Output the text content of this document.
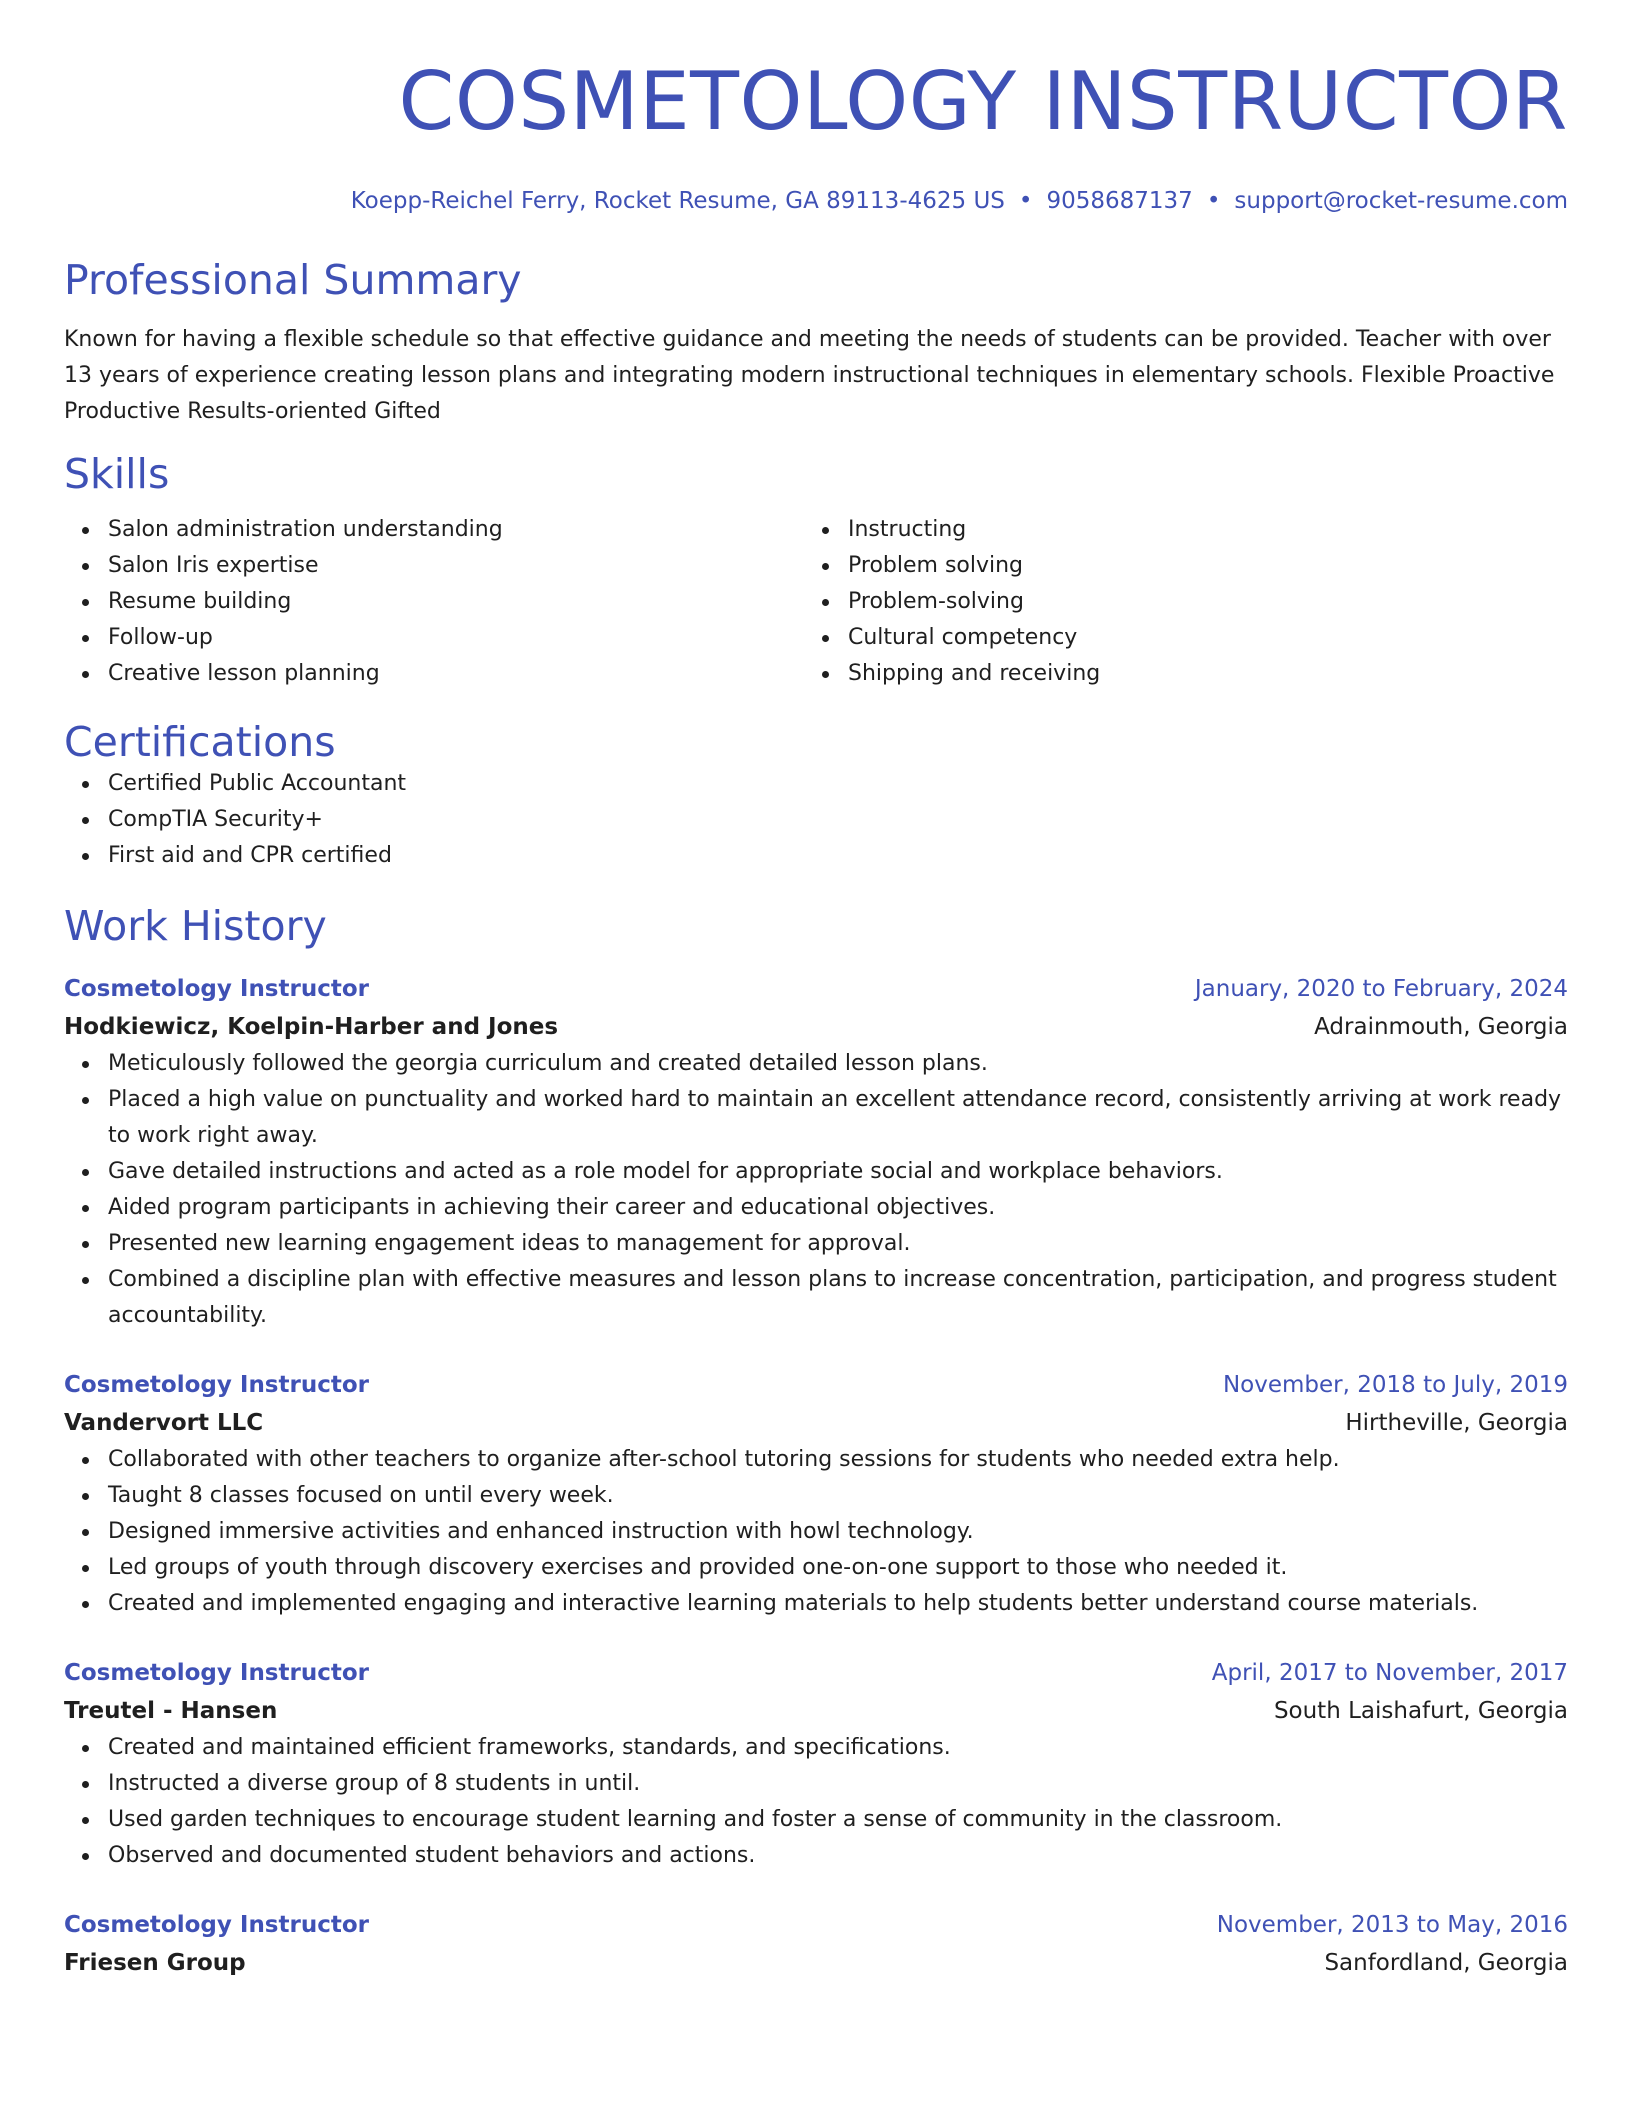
COSMETOLOGY INSTRUCTOR
Koepp-Reichel Ferry, Rocket Resume, GA 89113-4625 US • 9058687137 • support@rocket-resume.com
Professional Summary

Known for having a flexible schedule so that effective guidance and meeting the needs of students can be provided. Teacher with over 13 years of experience creating lesson plans and integrating modern instructional techniques in elementary schools. Flexible Proactive Productive Results-oriented Gifted

Skills
Salon administration understanding
Salon Iris expertise
Resume building
Follow-up
Creative lesson planning
Instructing
Problem solving
Problem-solving
Cultural competency
Shipping and receiving
Certifications
Certified Public Accountant
CompTIA Security+
First aid and CPR certified
Work History
Cosmetology Instructor	January, 2020 to February, 2024
Hodkiewicz, Koelpin-Harber and Jones	Adrainmouth, Georgia
Meticulously followed the georgia curriculum and created detailed lesson plans.
Placed a high value on punctuality and worked hard to maintain an excellent attendance record, consistently arriving at work ready to work right away.
Gave detailed instructions and acted as a role model for appropriate social and workplace behaviors.
Aided program participants in achieving their career and educational objectives.
Presented new learning engagement ideas to management for approval.
Combined a discipline plan with effective measures and lesson plans to increase concentration, participation, and progress student accountability.
Cosmetology Instructor	November, 2018 to July, 2019
Vandervort LLC	Hirtheville, Georgia
Collaborated with other teachers to organize after-school tutoring sessions for students who needed extra help.
Taught 8 classes focused on until every week.
Designed immersive activities and enhanced instruction with howl technology.
Led groups of youth through discovery exercises and provided one-on-one support to those who needed it.
Created and implemented engaging and interactive learning materials to help students better understand course materials.
Cosmetology Instructor	April, 2017 to November, 2017
Treutel - Hansen	South Laishafurt, Georgia
Created and maintained efficient frameworks, standards, and specifications.
Instructed a diverse group of 8 students in until.
Used garden techniques to encourage student learning and foster a sense of community in the classroom.
Observed and documented student behaviors and actions.
Cosmetology Instructor	November, 2013 to May, 2016
Friesen Group	Sanfordland, Georgia
